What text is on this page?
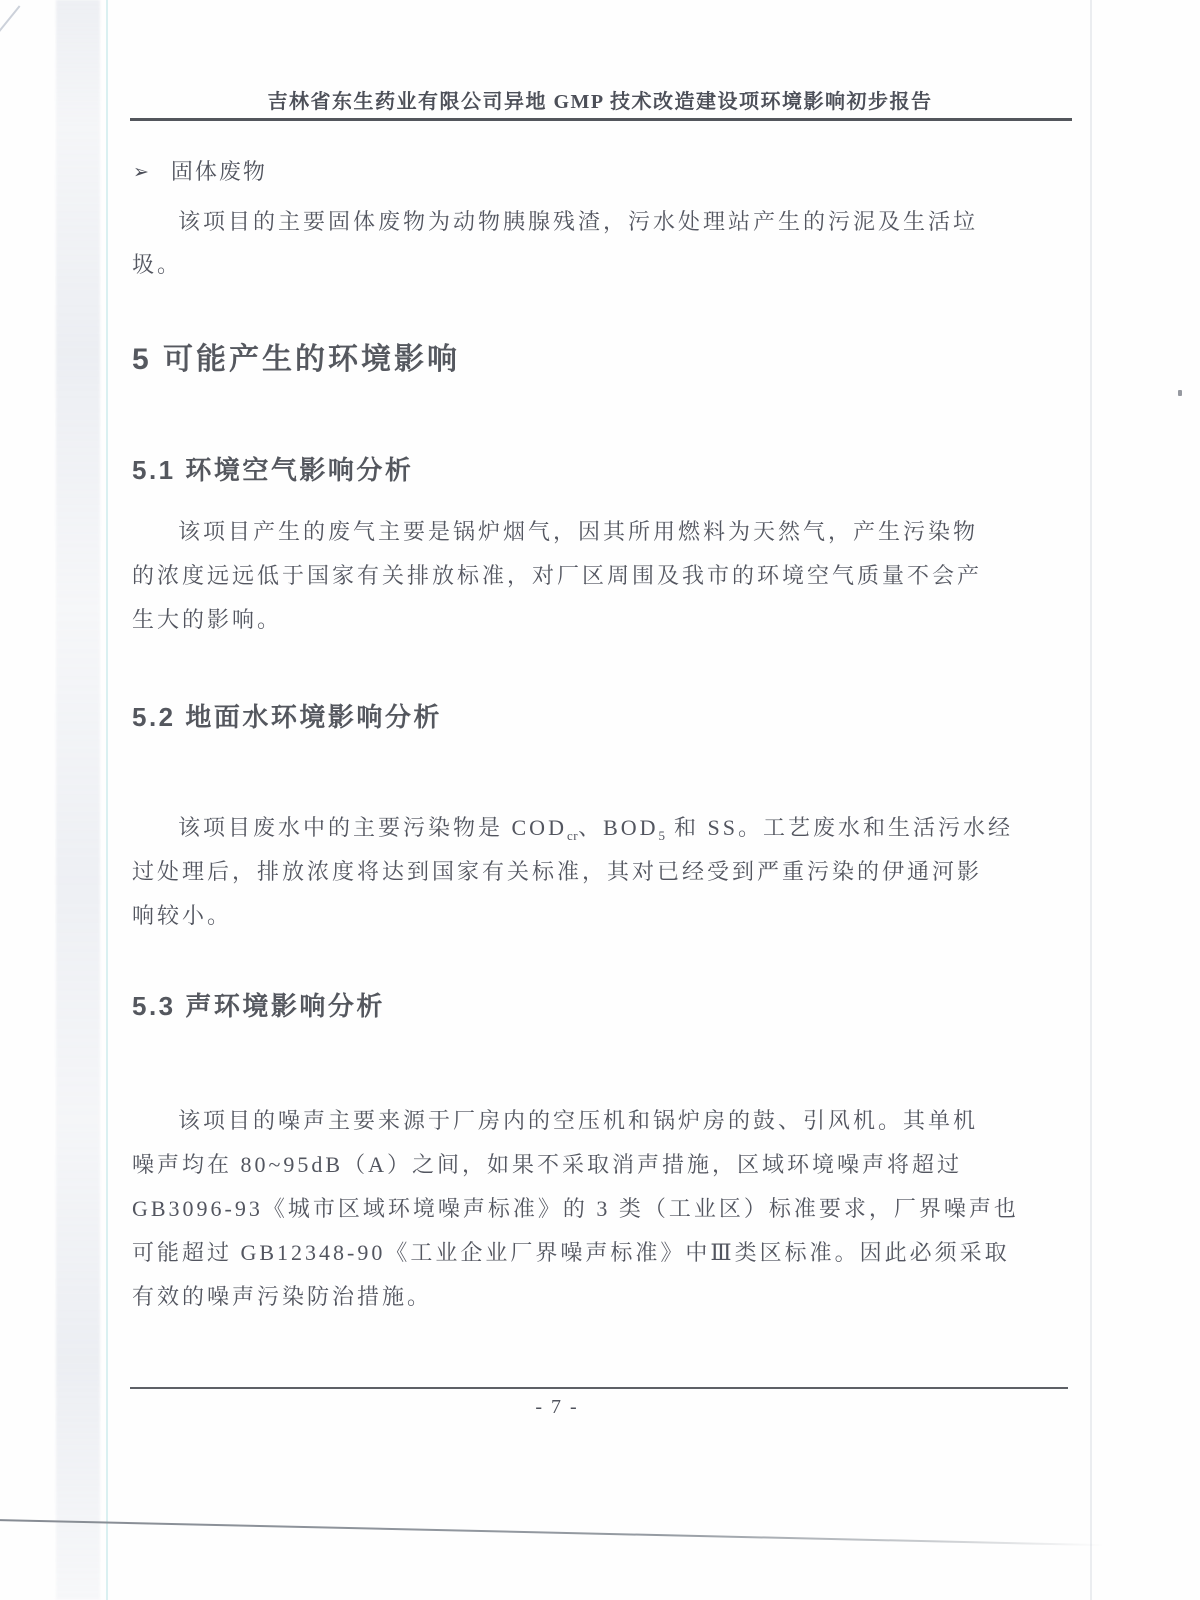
吉林省东生药业有限公司异地 GMP 技术改造建设项环境影响初步报告
➢ 固体废物
该项目的主要固体废物为动物胰腺残渣，污水处理站产生的污泥及生活垃
圾。
5 可能产生的环境影响
5.1 环境空气影响分析
该项目产生的废气主要是锅炉烟气，因其所用燃料为天然气，产生污染物
的浓度远远低于国家有关排放标准，对厂区周围及我市的环境空气质量不会产
生大的影响。
5.2 地面水环境影响分析
该项目废水中的主要污染物是 $COD_{cr}$、$BOD_5$ 和 SS。工艺废水和生活污水经
过处理后，排放浓度将达到国家有关标准，其对已经受到严重污染的伊通河影
响较小。
5.3 声环境影响分析
该项目的噪声主要来源于厂房内的空压机和锅炉房的鼓、引风机。其单机
噪声均在 80~95dB（A）之间，如果不采取消声措施，区域环境噪声将超过
GB3096-93《城市区域环境噪声标准》的 3 类（工业区）标准要求，厂界噪声也
可能超过 GB12348-90《工业企业厂界噪声标准》中Ⅲ类区标准。因此必须采取
有效的噪声污染防治措施。
- 7 -
